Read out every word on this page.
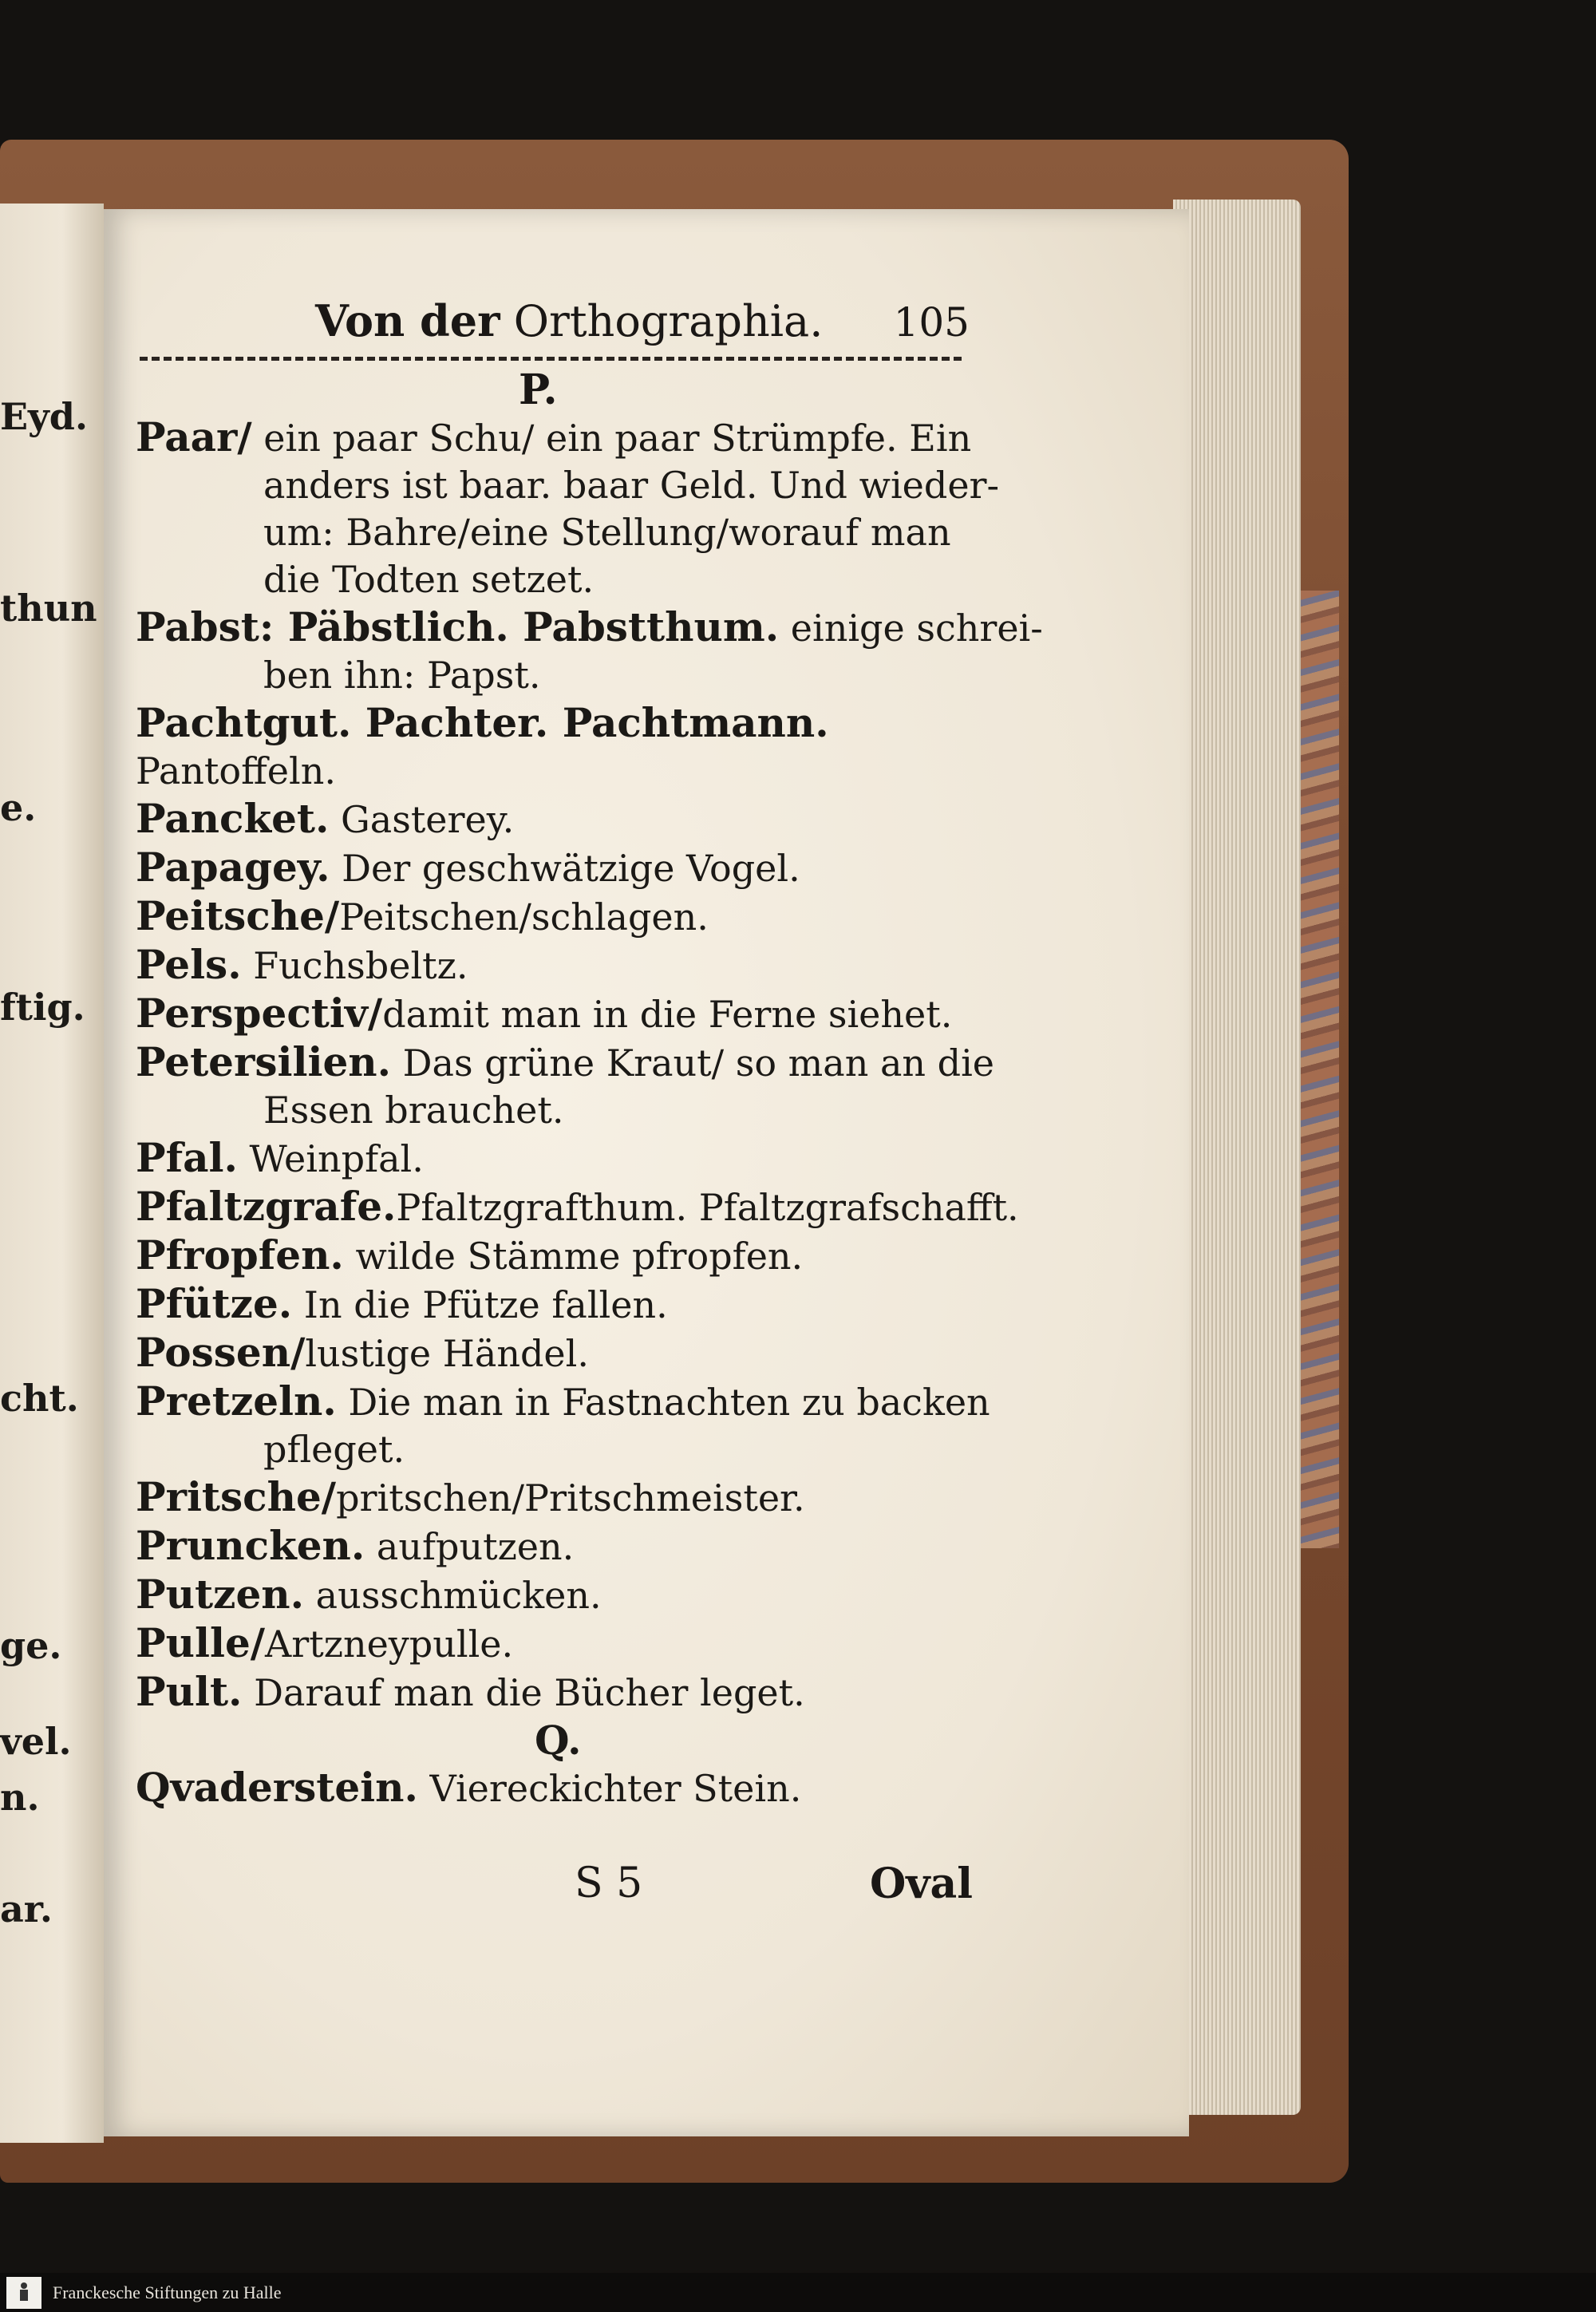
Eyd.
thun
e.
ftig.
cht.
ge.
vel.
n.
ar.
Von der Orthographia. 105
P.
Paar/ ein paar Schu/ ein paar Strümpfe. Ein
anders ist baar. baar Geld. Und wieder-
um: Bahre/eine Stellung/worauf man
die Todten setzet.
Pabst: Päbstlich. Pabstthum. einige schrei-
ben ihn: Papst.
Pachtgut. Pachter. Pachtmann.
Pantoffeln.
Pancket. Gasterey.
Papagey. Der geschwätzige Vogel.
Peitsche/Peitschen/schlagen.
Pels. Fuchsbeltz.
Perspectiv/damit man in die Ferne siehet.
Petersilien. Das grüne Kraut/ so man an die
Essen brauchet.
Pfal. Weinpfal.
Pfaltzgrafe.Pfaltzgrafthum. Pfaltzgrafschafft.
Pfropfen. wilde Stämme pfropfen.
Pfütze. In die Pfütze fallen.
Possen/lustige Händel.
Pretzeln. Die man in Fastnachten zu backen
pfleget.
Pritsche/pritschen/Pritschmeister.
Pruncken. aufputzen.
Putzen. ausschmücken.
Pulle/Artzneypulle.
Pult. Darauf man die Bücher leget.
Q.
Qvaderstein. Viereckichter Stein.
S 5	Oval
Franckesche Stiftungen zu Halle
